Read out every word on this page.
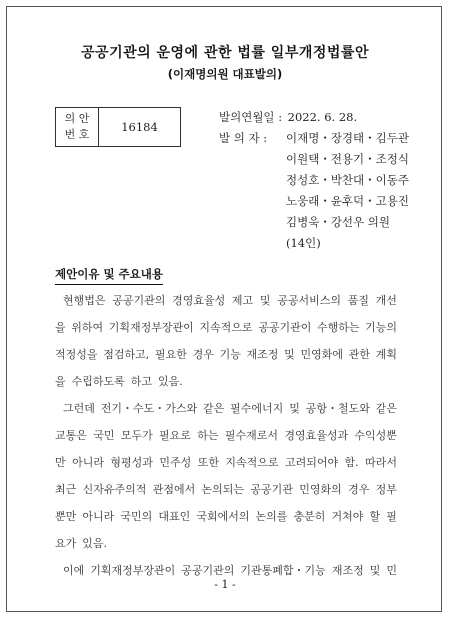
공공기관의 운영에 관한 법률 일부개정법률안
(이재명의원 대표발의)
의 안
번 호
16184
발의연월일 : 2022. 6. 28.
발 의 자 :	이재명・장경태・김두관
이원택・전용기・조정식
정성호・박찬대・이동주
노웅래・윤후덕・고용진
김병욱・강선우 의원
(14인)
제안이유 및 주요내용
현행법은 공공기관의 경영효율성 제고 및 공공서비스의 품질 개선
을 위하여 기획재정부장관이 지속적으로 공공기관이 수행하는 기능의
적정성을 점검하고, 필요한 경우 기능 재조정 및 민영화에 관한 계획
을 수립하도록 하고 있음.
그런데 전기・수도・가스와 같은 필수에너지 및 공항・철도와 같은
교통은 국민 모두가 필요로 하는 필수재로서 경영효율성과 수익성뿐
만 아니라 형평성과 민주성 또한 지속적으로 고려되어야 함. 따라서
최근 신자유주의적 관점에서 논의되는 공공기관 민영화의 경우 정부
뿐만 아니라 국민의 대표인 국회에서의 논의를 충분히 거쳐야 할 필
요가 있음.
이에 기획재정부장관이 공공기관의 기관통폐합・기능 재조정 및 민
- 1 -
